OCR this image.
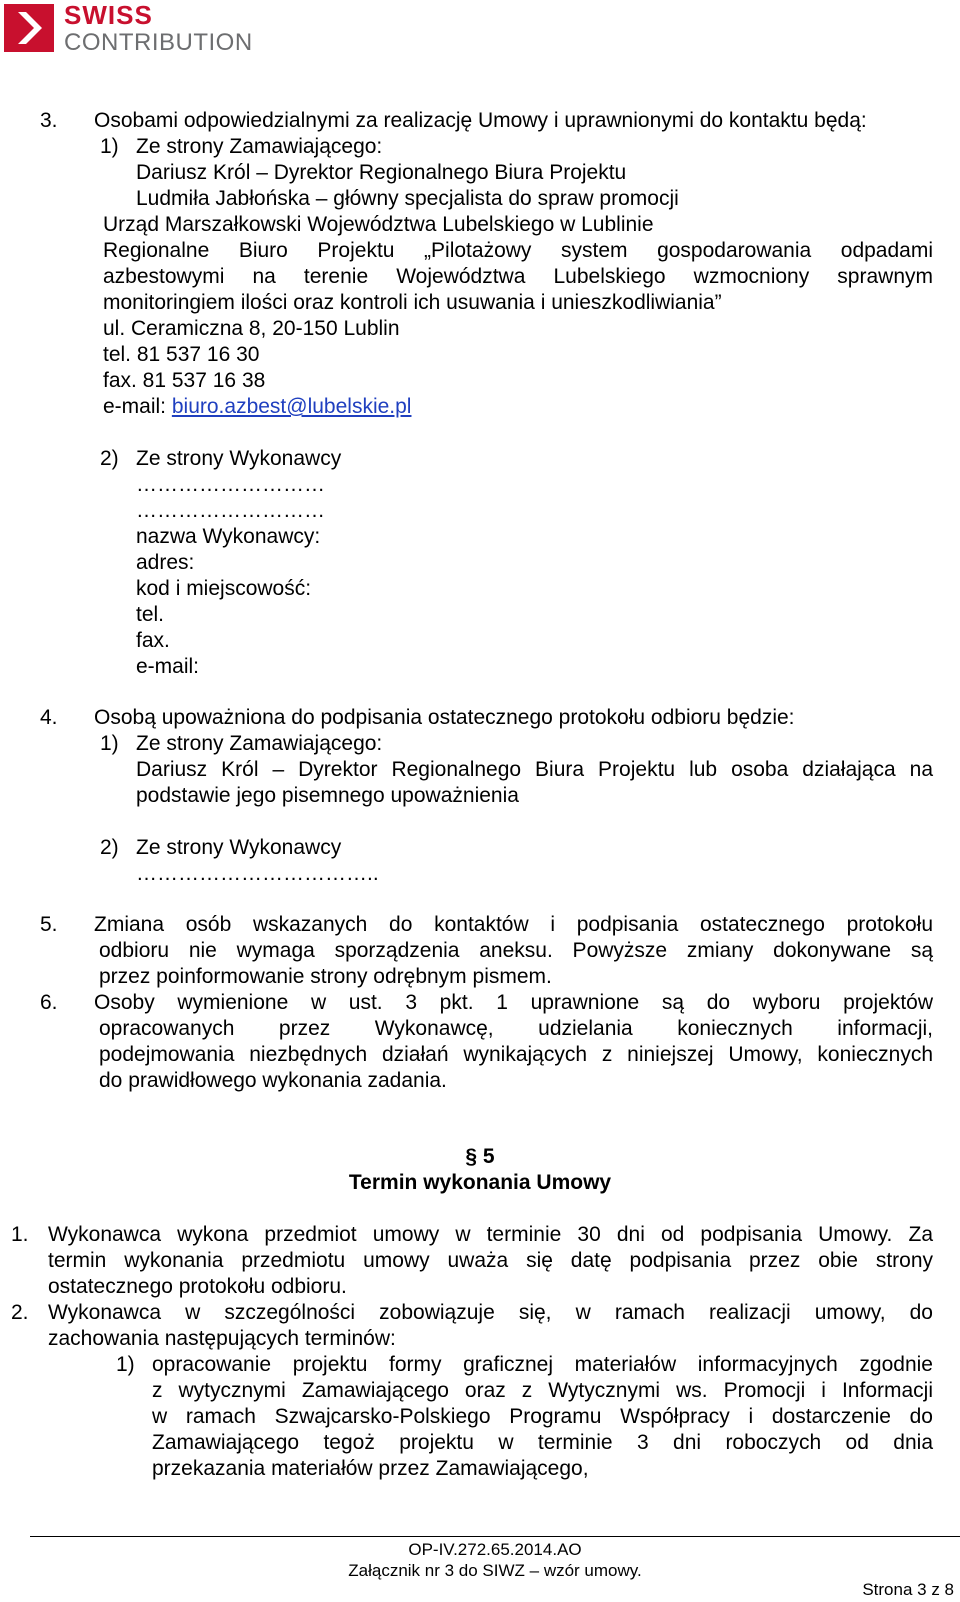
SWISS
CONTRIBUTION
3. Osobami odpowiedzialnymi za realizację Umowy i uprawnionymi do kontaktu będą:
1) Ze strony Zamawiającego:
Dariusz Król – Dyrektor Regionalnego Biura Projektu
Ludmiła Jabłońska – główny specjalista do spraw promocji
Urząd Marszałkowski Województwa Lubelskiego w Lublinie
Regionalne Biuro Projektu „Pilotażowy system gospodarowania odpadami
azbestowymi na terenie Województwa Lubelskiego wzmocniony sprawnym
monitoringiem ilości oraz kontroli ich usuwania i unieszkodliwiania”
ul. Ceramiczna 8, 20-150 Lublin
tel. 81 537 16 30
fax. 81 537 16 38
e-mail: biuro.azbest@lubelskie.pl
2) Ze strony Wykonawcy
………………………
………………………
nazwa Wykonawcy:
adres:
kod i miejscowość:
tel.
fax.
e-mail:
4. Osobą upoważniona do podpisania ostatecznego protokołu odbioru będzie:
1) Ze strony Zamawiającego:
Dariusz Król – Dyrektor Regionalnego Biura Projektu lub osoba działająca na
podstawie jego pisemnego upoważnienia
2) Ze strony Wykonawcy
……………………………..
5. Zmiana osób wskazanych do kontaktów i podpisania ostatecznego protokołu
odbioru nie wymaga sporządzenia aneksu. Powyższe zmiany dokonywane są
przez poinformowanie strony odrębnym pismem.
6. Osoby wymienione w ust. 3 pkt. 1 uprawnione są do wyboru projektów
opracowanych przez Wykonawcę, udzielania koniecznych informacji,
podejmowania niezbędnych działań wynikających z niniejszej Umowy, koniecznych
do prawidłowego wykonania zadania.
§ 5
Termin wykonania Umowy
1. Wykonawca wykona przedmiot umowy w terminie 30 dni od podpisania Umowy. Za
termin wykonania przedmiotu umowy uważa się datę podpisania przez obie strony
ostatecznego protokołu odbioru.
2. Wykonawca w szczególności zobowiązuje się, w ramach realizacji umowy, do
zachowania następujących terminów:
1) opracowanie projektu formy graficznej materiałów informacyjnych zgodnie
z wytycznymi Zamawiającego oraz z Wytycznymi ws. Promocji i Informacji
w ramach Szwajcarsko-Polskiego Programu Współpracy i dostarczenie do
Zamawiającego tegoż projektu w terminie 3 dni roboczych od dnia
przekazania materiałów przez Zamawiającego,
OP-IV.272.65.2014.AO
Załącznik nr 3 do SIWZ – wzór umowy.
Strona 3 z 8
